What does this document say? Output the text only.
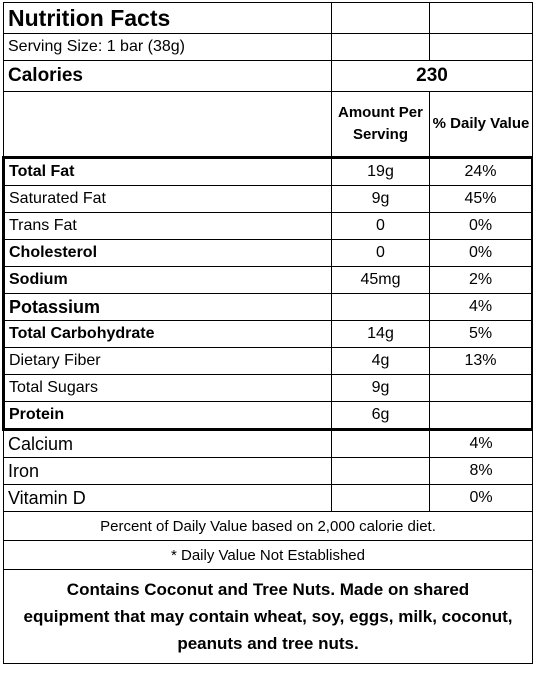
Nutrition Facts		
Serving Size: 1 bar (38g)		
Calories	230	
	Amount Per Serving	% Daily Value
Total Fat	19g	24%
Saturated Fat	9g	45%
Trans Fat	0	0%
Cholesterol	0	0%
Sodium	45mg	2%
Potassium		4%
Total Carbohydrate	14g	5%
Dietary Fiber	4g	13%
Total Sugars	9g	
Protein	6g	
Calcium		4%
Iron		8%
Vitamin D		0%
Percent of Daily Value based on 2,000 calorie diet.		
* Daily Value Not Established		
Contains Coconut and Tree Nuts. Made on shared equipment that may contain wheat, soy, eggs, milk, coconut, peanuts and tree nuts.		
